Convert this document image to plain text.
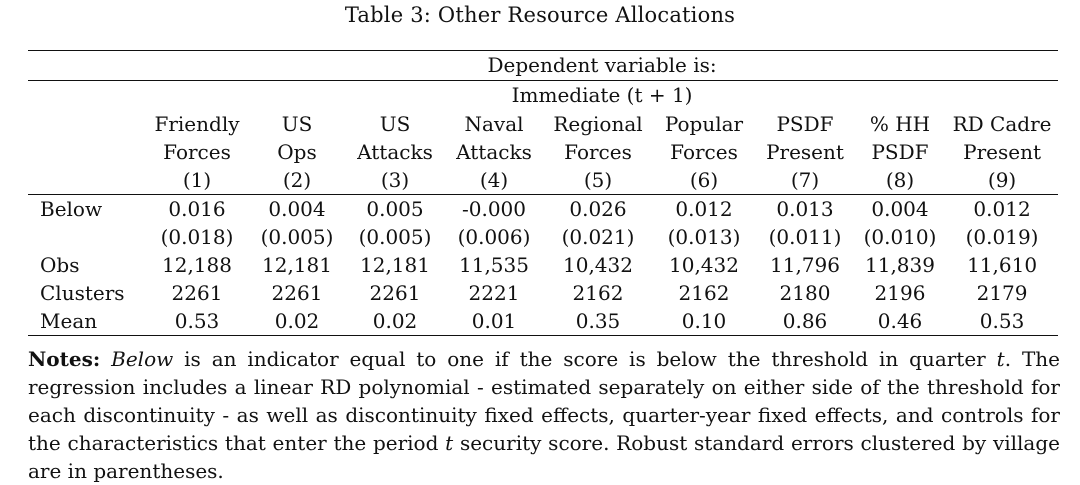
Table 3: Other Resource Allocations
	Dependent variable is:								

	Immediate (t + 1)								
	Friendly	US	US	Naval	Regional	Popular	PSDF	% HH	RD Cadre
	Forces	Ops	Attacks	Attacks	Forces	Forces	Present	PSDF	Present
	(1)	(2)	(3)	(4)	(5)	(6)	(7)	(8)	(9)

Below	0.016	0.004	0.005	-0.000	0.026	0.012	0.013	0.004	0.012
	(0.018)	(0.005)	(0.005)	(0.006)	(0.021)	(0.013)	(0.011)	(0.010)	(0.019)
Obs	12,188	12,181	12,181	11,535	10,432	10,432	11,796	11,839	11,610
Clusters	2261	2261	2261	2221	2162	2162	2180	2196	2179
Mean	0.53	0.02	0.02	0.01	0.35	0.10	0.86	0.46	0.53
Notes: Below is an indicator equal to one if the score is below the threshold in quarter t. The regression includes a linear RD polynomial - estimated separately on either side of the threshold for each discontinuity - as well as discontinuity fixed effects, quarter-year fixed effects, and controls for the characteristics that enter the period t security score. Robust standard errors clustered by village are in parentheses.
